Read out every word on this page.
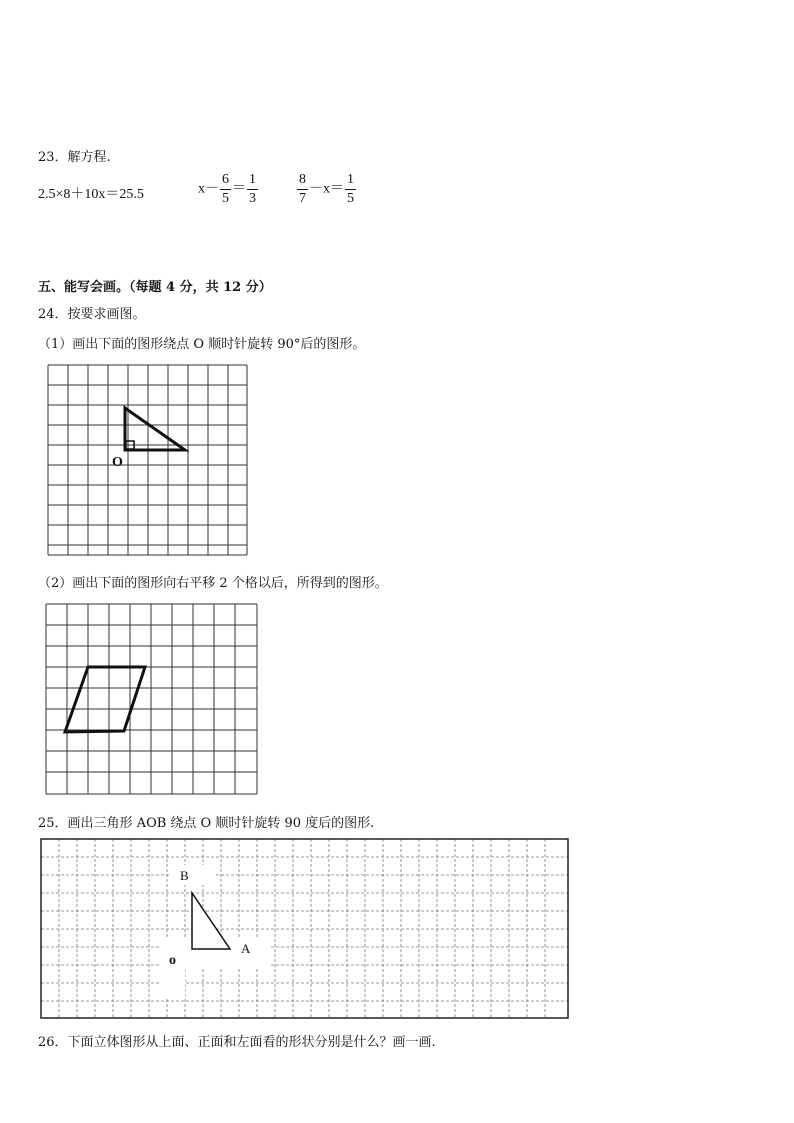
23．解方程.
2.5×8＋10x＝25.5	$x- \frac{6}{5} = \frac{1}{3}$	$\frac{8}{7} -x= \frac{1}{5}$
五、能写会画。（每题 4 分，共 12 分）
24．按要求画图。
（1）画出下面的图形绕点 O 顺时针旋转 90°后的图形。
O
（2）画出下面的图形向右平移 2 个格以后，所得到的图形。
25．画出三角形 AOB 绕点 O 顺时针旋转 90 度后的图形.
B
A
o
26．下面立体图形从上面、正面和左面看的形状分别是什么？画一画.
